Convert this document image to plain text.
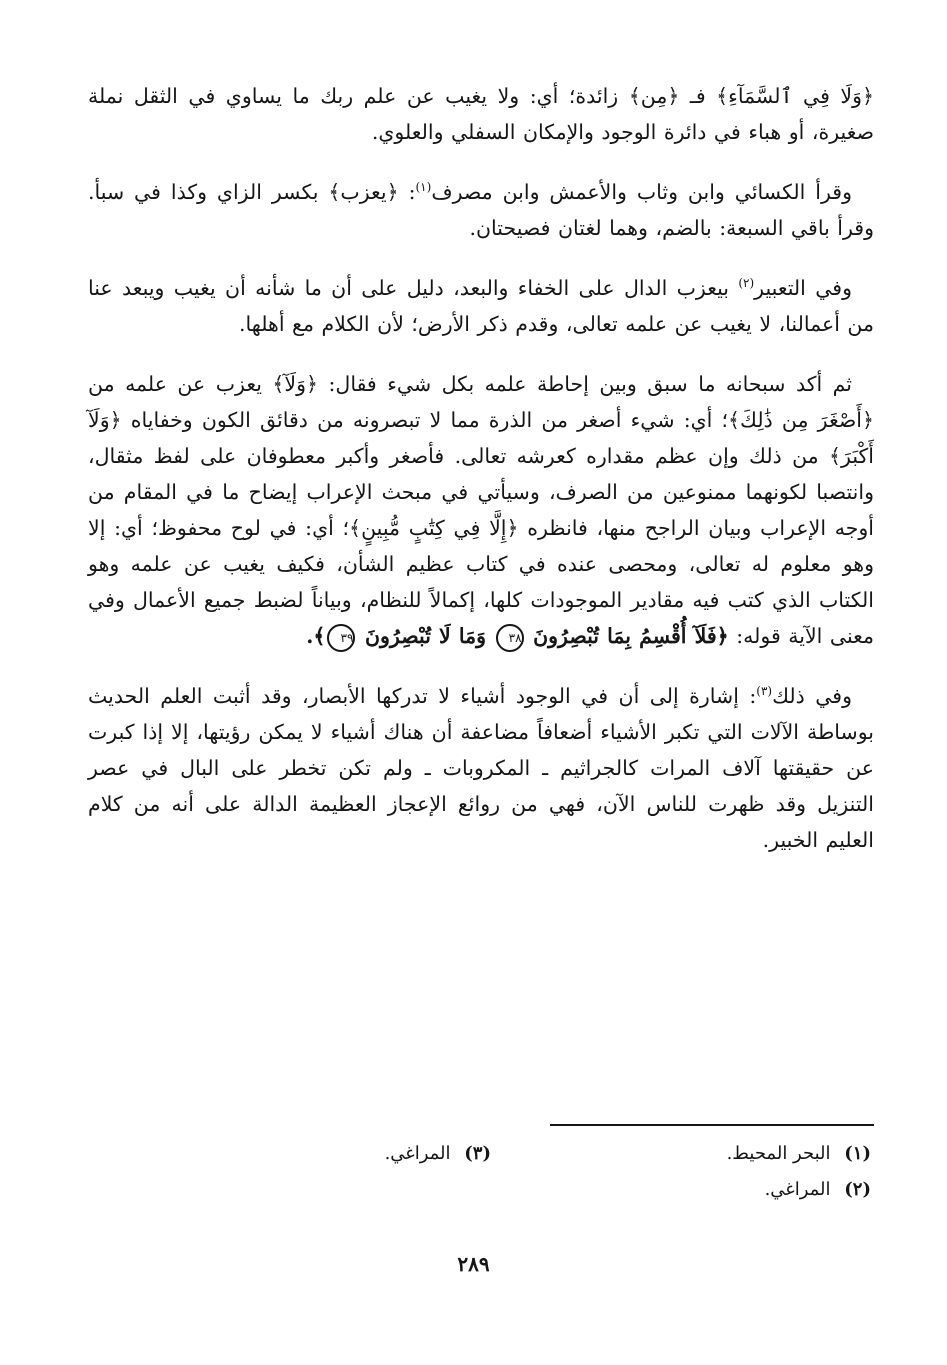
﴿وَلَا فِي ٱلسَّمَآءِ﴾ فـ ﴿مِن﴾ زائدة؛ أي: ولا يغيب عن علم ربك ما يساوي في الثقل نملة صغيرة، أو هباء في دائرة الوجود والإمكان السفلي والعلوي.

وقرأ الكسائي وابن وثاب والأعمش وابن مصرف$^{(١)}$: ﴿يعزب﴾ بكسر الزاي وكذا في سبأ. وقرأ باقي السبعة: بالضم، وهما لغتان فصيحتان.

وفي التعبير$^{(٢)}$ بيعزب الدال على الخفاء والبعد، دليل على أن ما شأنه أن يغيب ويبعد عنا من أعمالنا، لا يغيب عن علمه تعالى، وقدم ذكر الأرض؛ لأن الكلام مع أهلها.

ثم أكد سبحانه ما سبق وبين إحاطة علمه بكل شيء فقال: ﴿وَلَآ﴾ يعزب عن علمه من ﴿أَصْغَرَ مِن ذَٰلِكَ﴾؛ أي: شيء أصغر من الذرة مما لا تبصرونه من دقائق الكون وخفاياه ﴿وَلَآ أَكْبَرَ﴾ من ذلك وإن عظم مقداره كعرشه تعالى. فأصغر وأكبر معطوفان على لفظ مثقال، وانتصبا لكونهما ممنوعين من الصرف، وسيأتي في مبحث الإعراب إيضاح ما في المقام من أوجه الإعراب وبيان الراجح منها، فانظره ﴿إِلَّا فِي كِتَٰبٍ مُّبِينٍ﴾؛ أي: في لوح محفوظ؛ أي: إلا وهو معلوم له تعالى، ومحصى عنده في كتاب عظيم الشأن، فكيف يغيب عن علمه وهو الكتاب الذي كتب فيه مقادير الموجودات كلها، إكمالاً للنظام، وبياناً لضبط جميع الأعمال وفي معنى الآية قوله: ﴿فَلَآ أُقْسِمُ بِمَا تُبْصِرُونَ ٣٨ وَمَا لَا تُبْصِرُونَ ٣٩﴾.

وفي ذلك$^{(٣)}$: إشارة إلى أن في الوجود أشياء لا تدركها الأبصار، وقد أثبت العلم الحديث بوساطة الآلات التي تكبر الأشياء أضعافاً مضاعفة أن هناك أشياء لا يمكن رؤيتها، إلا إذا كبرت عن حقيقتها آلاف المرات كالجراثيم ـ المكروبات ـ ولم تكن تخطر على البال في عصر التنزيل وقد ظهرت للناس الآن، فهي من روائع الإعجاز العظيمة الدالة على أنه من كلام العليم الخبير.

(١) البحر المحيط.
(٣) المراغي.
(٢) المراغي.
٢٨٩
